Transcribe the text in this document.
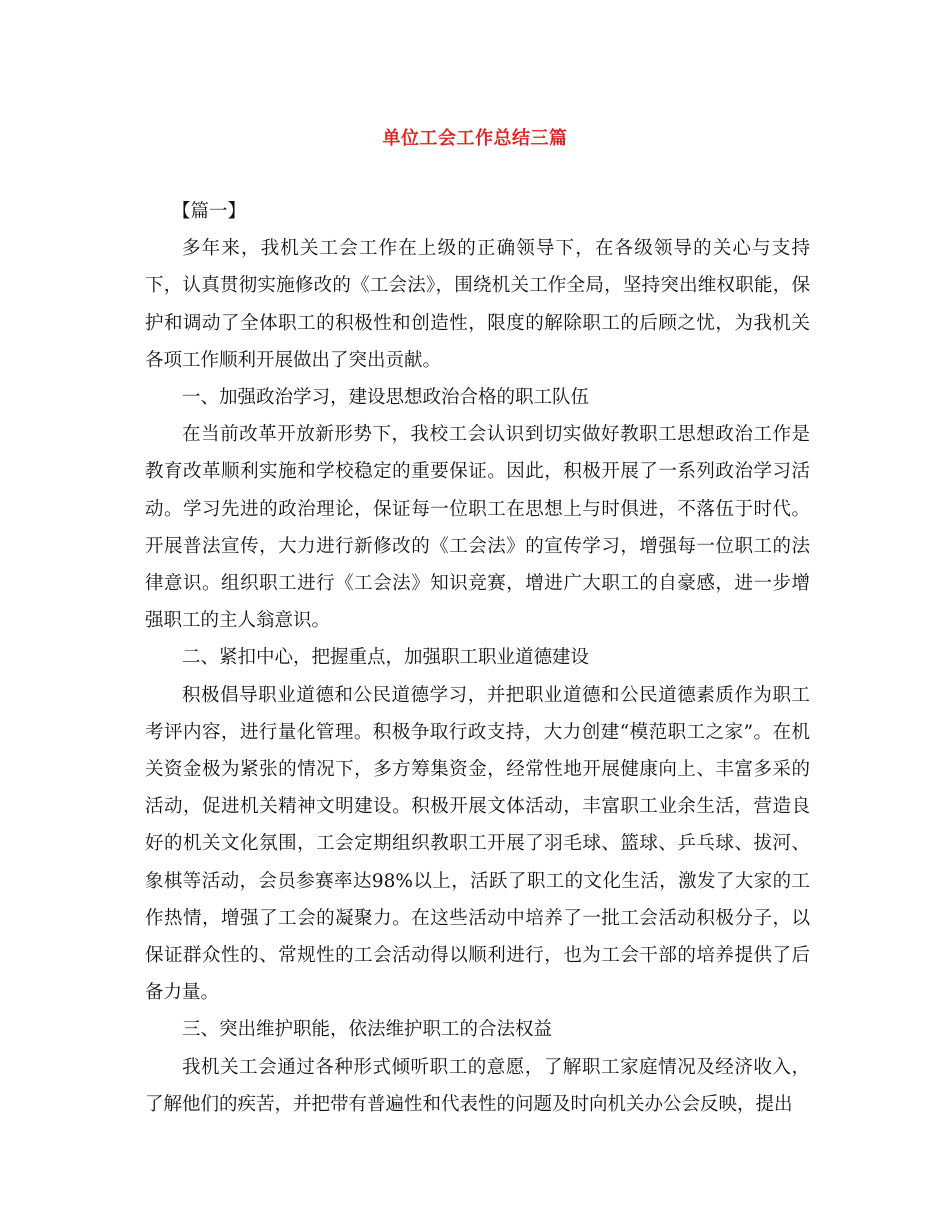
单位工会工作总结三篇

【篇一】

多年来，我机关工会工作在上级的正确领导下，在各级领导的关心与支持下，认真贯彻实施修改的《工会法》，围绕机关工作全局，坚持突出维权职能，保护和调动了全体职工的积极性和创造性，限度的解除职工的后顾之忧，为我机关各项工作顺利开展做出了突出贡献。

一、加强政治学习，建设思想政治合格的职工队伍

在当前改革开放新形势下，我校工会认识到切实做好教职工思想政治工作是教育改革顺利实施和学校稳定的重要保证。因此，积极开展了一系列政治学习活动。学习先进的政治理论，保证每一位职工在思想上与时俱进，不落伍于时代。开展普法宣传，大力进行新修改的《工会法》的宣传学习，增强每一位职工的法律意识。组织职工进行《工会法》知识竞赛，增进广大职工的自豪感，进一步增强职工的主人翁意识。

二、紧扣中心，把握重点，加强职工职业道德建设

积极倡导职业道德和公民道德学习，并把职业道德和公民道德素质作为职工考评内容，进行量化管理。积极争取行政支持，大力创建“模范职工之家”。在机关资金极为紧张的情况下，多方筹集资金，经常性地开展健康向上、丰富多采的活动，促进机关精神文明建设。积极开展文体活动，丰富职工业余生活，营造良好的机关文化氛围，工会定期组织教职工开展了羽毛球、篮球、乒乓球、拔河、象棋等活动，会员参赛率达98%以上，活跃了职工的文化生活，激发了大家的工作热情，增强了工会的凝聚力。在这些活动中培养了一批工会活动积极分子，以保证群众性的、常规性的工会活动得以顺利进行，也为工会干部的培养提供了后备力量。

三、突出维护职能，依法维护职工的合法权益

我机关工会通过各种形式倾听职工的意愿，了解职工家庭情况及经济收入，了解他们的疾苦，并把带有普遍性和代表性的问题及时向机关办公会反映，提出
